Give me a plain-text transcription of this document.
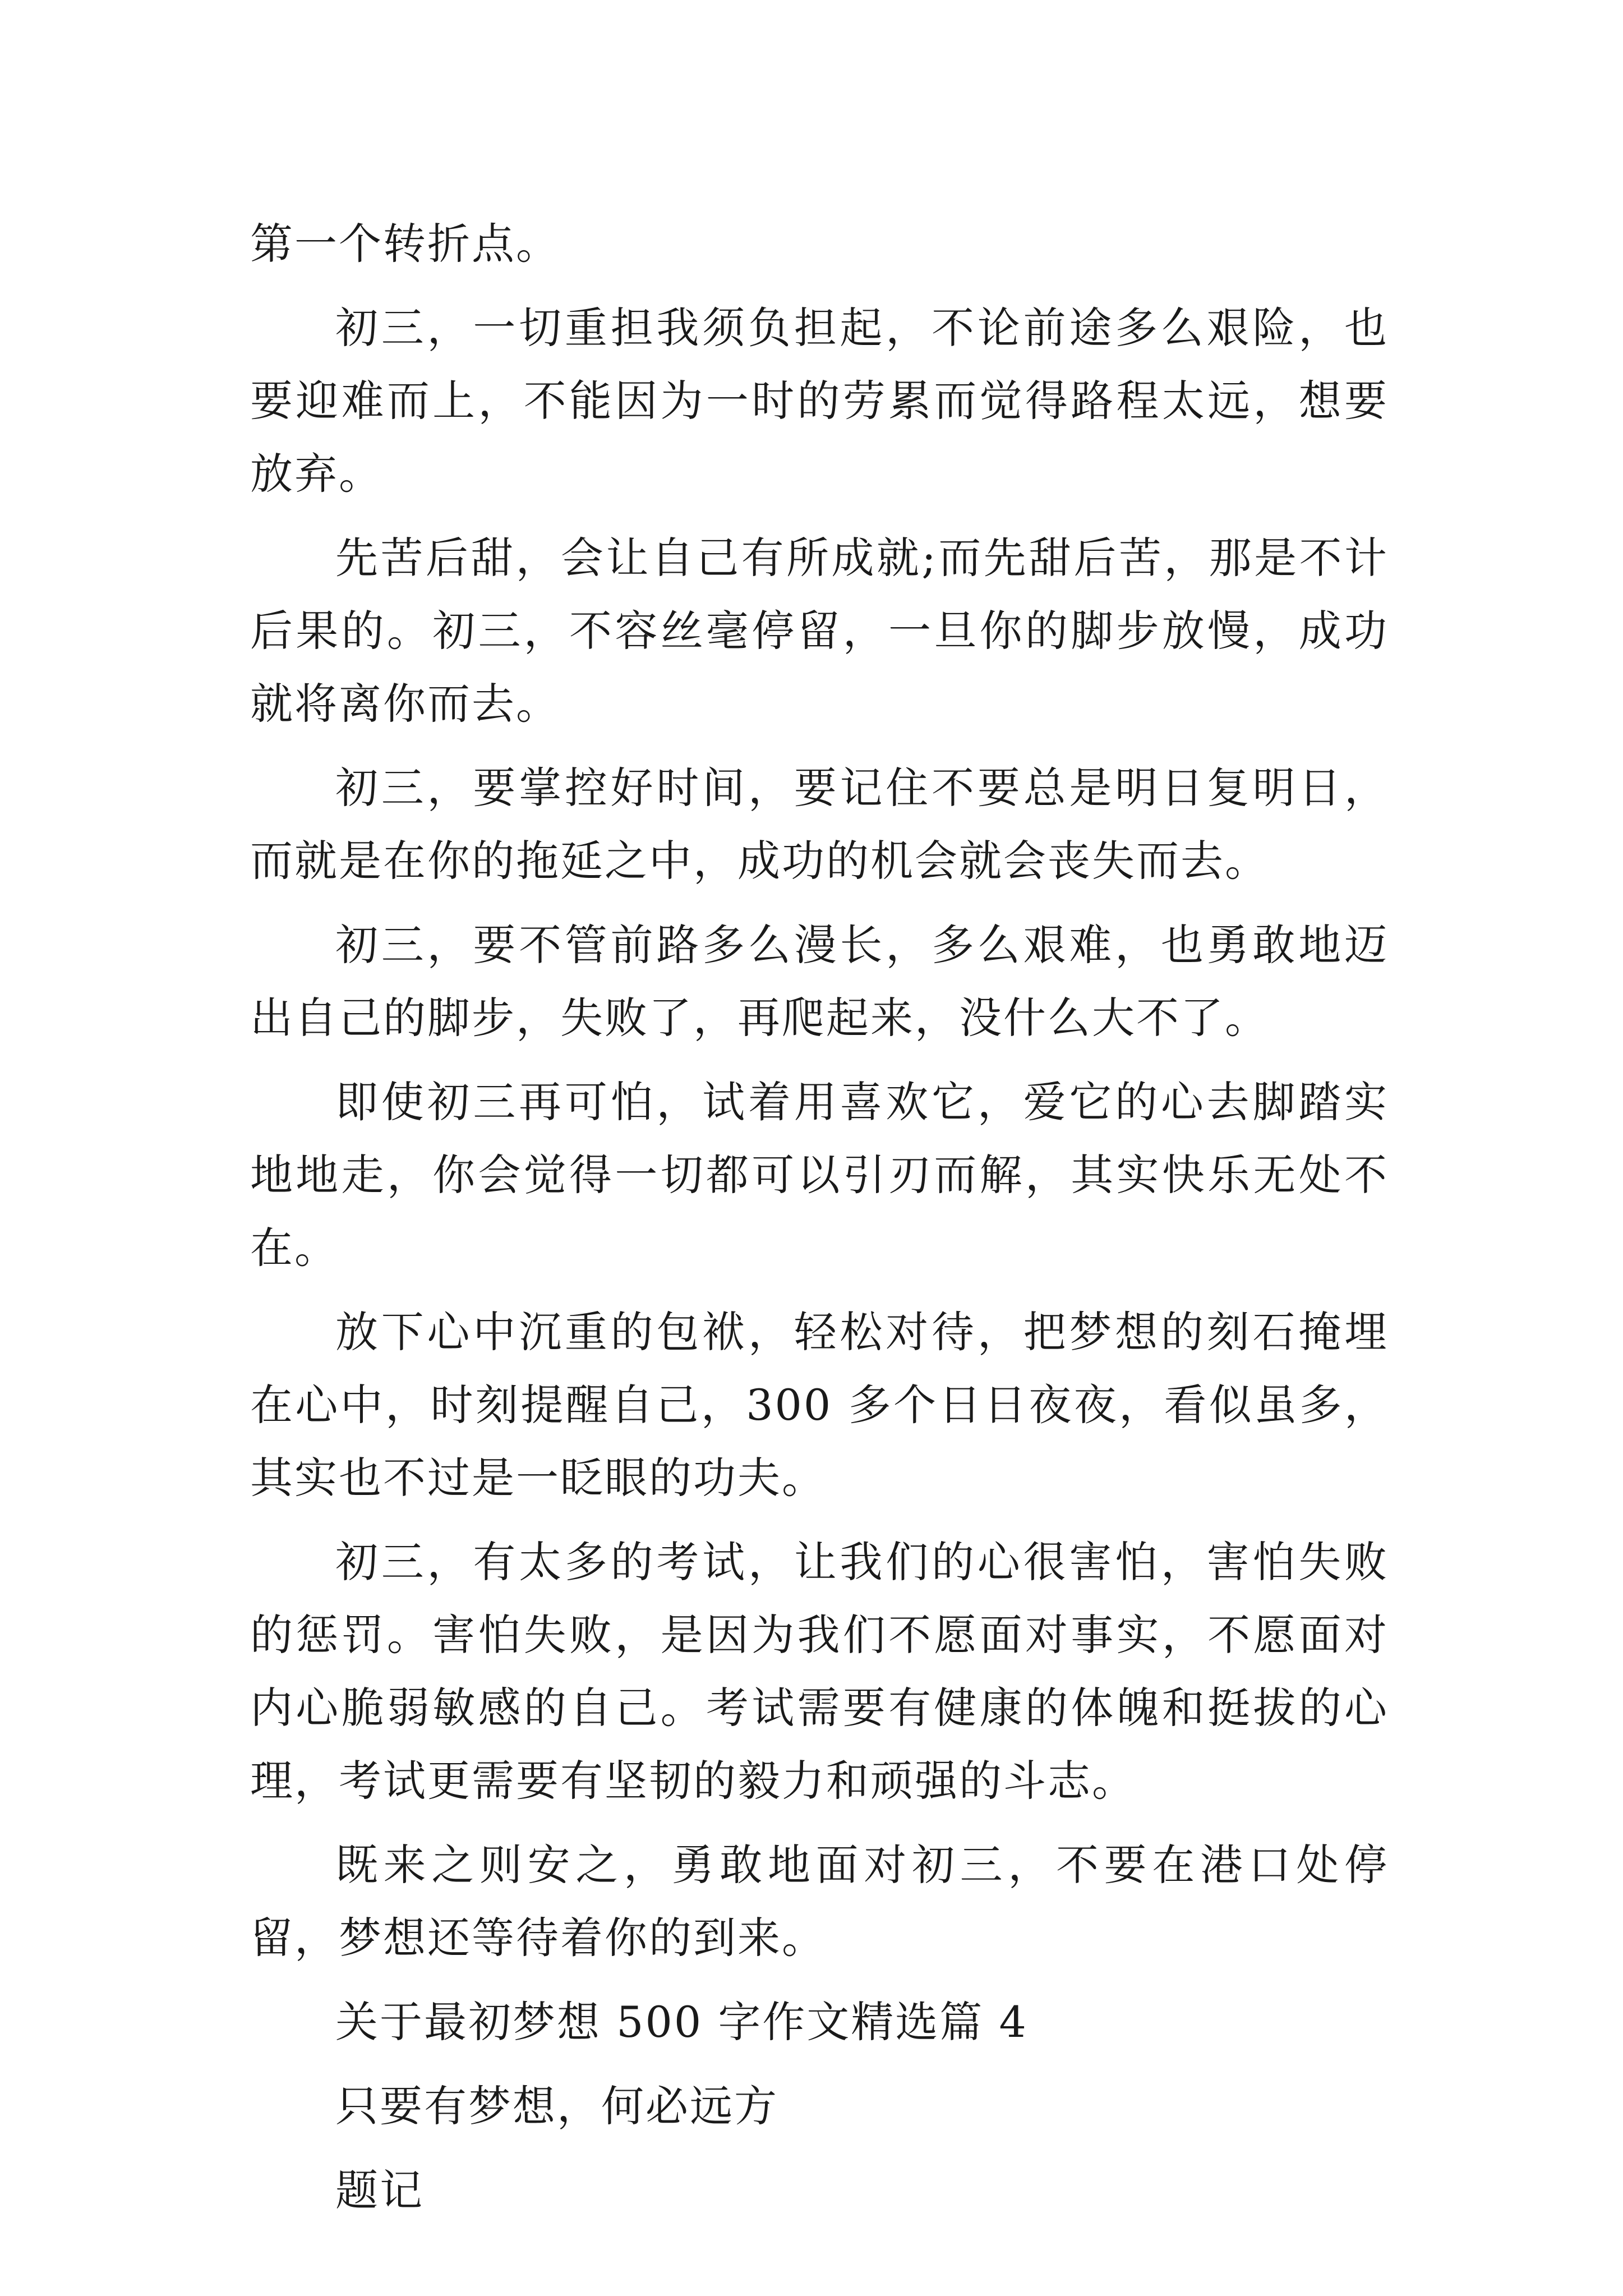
第一个转折点。

初三，一切重担我须负担起，不论前途多么艰险，也要迎难而上，不能因为一时的劳累而觉得路程太远，想要放弃。

先苦后甜，会让自己有所成就;而先甜后苦，那是不计后果的。初三，不容丝毫停留，一旦你的脚步放慢，成功就将离你而去。

初三，要掌控好时间，要记住不要总是明日复明日，而就是在你的拖延之中，成功的机会就会丧失而去。

初三，要不管前路多么漫长，多么艰难，也勇敢地迈出自己的脚步，失败了，再爬起来，没什么大不了。

即使初三再可怕，试着用喜欢它，爱它的心去脚踏实地地走，你会觉得一切都可以引刃而解，其实快乐无处不在。

放下心中沉重的包袱，轻松对待，把梦想的刻石掩埋在心中，时刻提醒自己，300 多个日日夜夜，看似虽多，其实也不过是一眨眼的功夫。

初三，有太多的考试，让我们的心很害怕，害怕失败的惩罚。害怕失败，是因为我们不愿面对事实，不愿面对内心脆弱敏感的自己。考试需要有健康的体魄和挺拔的心理，考试更需要有坚韧的毅力和顽强的斗志。

既来之则安之，勇敢地面对初三，不要在港口处停留，梦想还等待着你的到来。

关于最初梦想 500 字作文精选篇 4

只要有梦想，何必远方

题记
